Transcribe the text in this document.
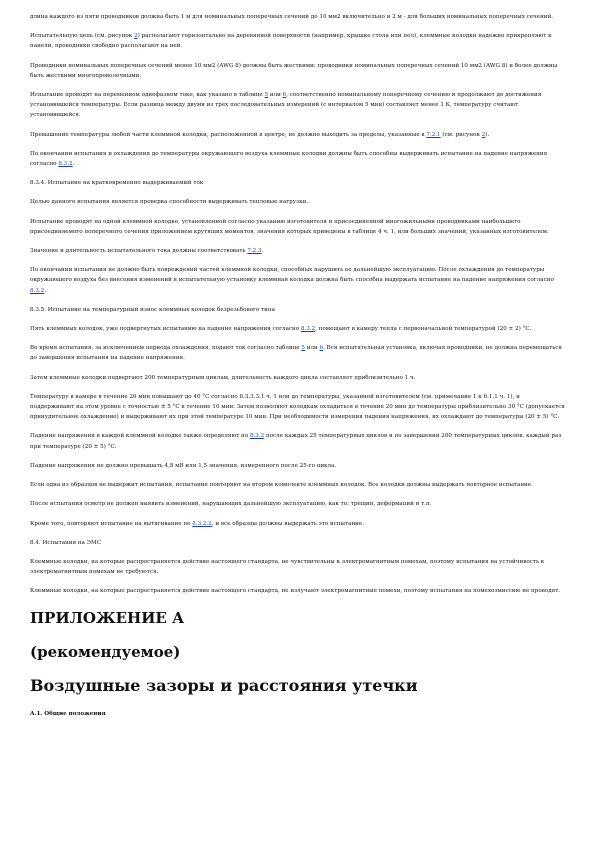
длина каждого из пяти проводников должна быть 1 м для номинальных поперечных сечений до 10 мм2 включительно и 2 м - для больших номинальных поперечных сечений.

Испытательную цепь (см. рисунок 2) располагают горизонтально на деревянной поверхности (например, крышке стола или пол), клеммные колодки надежно прикрепляют к панели, проводники свободно располагают на ней.

Проводники номинальных поперечных сечений менее 10 мм2 (AWG 8) должны быть жесткими; проводники номинальных поперечных сечений 10 мм2 (AWG 8) и более должны быть жесткими многопроволочными.

Испытание проводят на переменном однофазном токе, как указано в таблице 5 или 6, соответственно номинальному поперечному сечению и продолжают до достижения установившейся температуры. Если разница между двумя из трех последовательных измерений (с интервалом 5 мин) составляет менее 1 К, температуру считают установившейся.

Превышение температуры любой части клеммной колодки, расположенной в центре, не должно выходить за пределы, указанные в 7.2.1 (см. рисунок 2).

По окончании испытания и охлаждения до температуры окружающего воздуха клеммные колодки должны быть способны выдерживать испытание на падение напряжения согласно 8.3.2.

8.3.4. Испытание на кратковременно выдерживаемый ток

Целью данного испытания является проверка способности выдерживать тепловые нагрузки.

Испытание проводят на одной клеммной колодке, установленной согласно указанию изготовителя и присоединенной многожильными проводниками наибольшего присоединяемого поперечного сечения приложением крутящих моментов, значения которых приведены в таблице 4 ч. 1, или больших значений, указанных изготовителем.

Значение и длительность испытательного тока должны соответствовать 7.2.3.

По окончании испытания не должно быть повреждений частей клеммной колодки, способных нарушить ее дальнейшую эксплуатацию. После охлаждения до температуры окружающего воздуха без внесения изменений в испытательную установку клеммная колодка должна быть способна выдержать испытание на падение напряжения согласно 8.3.2.

8.3.5. Испытание на температурный износ клеммных колодок безрезьбового типа

Пять клеммных колодок, уже подвергнутых испытанию на падение напряжения согласно 8.3.2, помещают в камеру тепла с первоначальной температурой (20 ± 2) °С.

Во время испытания, за исключением периода охлаждения, подают ток согласно таблице 5 или 6. Вся испытательная установка, включая проводники, не должна перемещаться до завершения испытания на падение напряжения.

Затем клеммные колодки подвергают 200 температурным циклам, длительность каждого цикла составляет приблизительно 1 ч.

Температуру в камере в течение 20 мин повышают до 40 °С согласно 8.3.3.3.1 ч. 1 или до температуры, указанной изготовителем (см. примечание 1 к 6.1.1 ч. 1), и поддерживают на этом уровне с точностью ± 5 °С в течение 10 мин. Затем позволяют колодкам охладиться в течение 20 мин до температуры приблизительно 30 °С (допускается принудительное охлаждение) и выдерживают их при этой температуре 10 мин. При необходимости измерения падения напряжения, их охлаждают до температуры (20 ± 5) °С.

Падение напряжения в каждой клеммной колодке также определяют по 8.3.2 после каждых 25 температурных циклов и по завершении 200 температурных циклов, каждый раз при температуре (20 ± 5) °С.

Падение напряжения не должно превышать 4,8 мВ или 1,5 значения, измеренного после 25-го цикла.

Если одна из образцов не выдержит испытания, испытание повторяют на втором комплекте клеммных колодок. Все колодки должны выдержать повторное испытание.

После испытания осмотр не должен выявить изменений, нарушающих дальнейшую эксплуатацию, как то: трещин, деформаций и т.п.

Кроме того, повторяют испытание на вытягивание по 8.3.2.2, и все образцы должны выдержать это испытание.

8.4. Испытания на ЭМС

Клеммные колодки, на которые распространяется действие настоящего стандарта, не чувствительны к электромагнитным помехам, поэтому испытания на устойчивость к электромагнитным помехам не требуются.

Клеммные колодки, на которые распространяется действие настоящего стандарта, не излучают электромагнитные помехи, поэтому испытания на помехоэмиссию не проводят.

ПРИЛОЖЕНИЕ А
(рекомендуемое)
Воздушные зазоры и расстояния утечки
А.1. Общие положения
